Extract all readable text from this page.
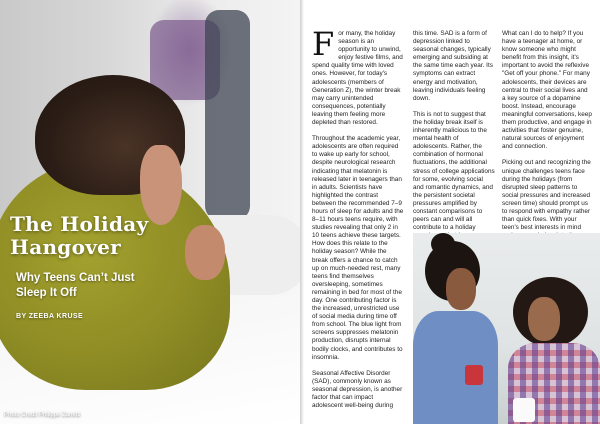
The Holiday Hangover
Why Teens Can’t Just Sleep It Off
BY ZEEBA KRUSE
Photo Credit Philippe Zanetti
F or many, the holiday season is an opportunity to unwind, enjoy festive films, and spend quality time with loved ones. However, for today's adolescents (members of Generation Z), the winter break may carry unintended consequences, potentially leaving them feeling more depleted than restored.

Throughout the academic year, adolescents are often required to wake up early for school, despite neurological research indicating that melatonin is released later in teenagers than in adults. Scientists have highlighted the contrast between the recommended 7–9 hours of sleep for adults and the 8–11 hours teens require, with studies revealing that only 2 in 10 teens achieve these targets. How does this relate to the holiday season? While the break offers a chance to catch up on much-needed rest, many teens find themselves oversleeping, sometimes remaining in bed for most of the day. One contributing factor is the increased, unrestricted use of social media during time off from school. The blue light from screens suppresses melatonin production, disrupts internal bodily clocks, and contributes to insomnia.

Seasonal Affective Disorder (SAD), commonly known as seasonal depression, is another factor that can impact adolescent well-being during

this time. SAD is a form of depression linked to seasonal changes, typically emerging and subsiding at the same time each year. Its symptoms can extract energy and motivation, leaving individuals feeling down.

This is not to suggest that the holiday break itself is inherently malicious to the mental health of adolescents. Rather, the combination of hormonal fluctuations, the additional stress of college applications for some, evolving social and romantic dynamics, and the persistent societal pressures amplified by constant comparisons to peers can and will all contribute to a holiday

What can I do to help? If you have a teenager at home, or know someone who might benefit from this insight, it's important to avoid the reflexive "Get off your phone." For many adolescents, their devices are central to their social lives and a key source of a dopamine boost. Instead, encourage meaningful conversations, keep them productive, and engage in activities that foster genuine, natural sources of enjoyment and connection.

Picking out and recognizing the unique challenges teens face during the holidays (from disrupted sleep patterns to social pressures and increased screen time) should prompt us to respond with empathy rather than quick fixes. With your teen's best interests in mind
